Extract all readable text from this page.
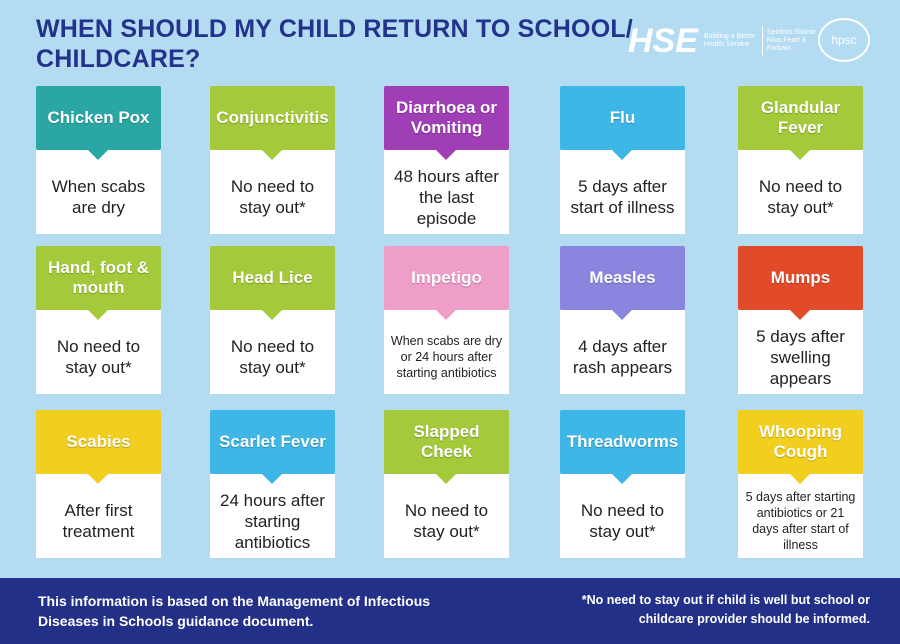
WHEN SHOULD MY CHILD RETURN TO SCHOOL/ CHILDCARE?	HSE Building a Better Health Service
Seirbhís Sláinte Níos Fearr á Forbairt
hpsc
Chicken Pox
When scabs are dry
Conjunctivitis
No need to stay out*
Diarrhoea or Vomiting
48 hours after the last episode
Flu
5 days after start of illness
Glandular Fever
No need to stay out*
Hand, foot & mouth
No need to stay out*
Head Lice
No need to stay out*
Impetigo
When scabs are dry or 24 hours after starting antibiotics
Measles
4 days after rash appears
Mumps
5 days after swelling appears
Scabies
After first treatment
Scarlet Fever
24 hours after starting antibiotics
Slapped Cheek
No need to stay out*
Threadworms
No need to stay out*
Whooping Cough
5 days after starting antibiotics or 21 days after start of illness
This information is based on the Management of Infectious Diseases in Schools guidance document.
*No need to stay out if child is well but school or childcare provider should be informed.
